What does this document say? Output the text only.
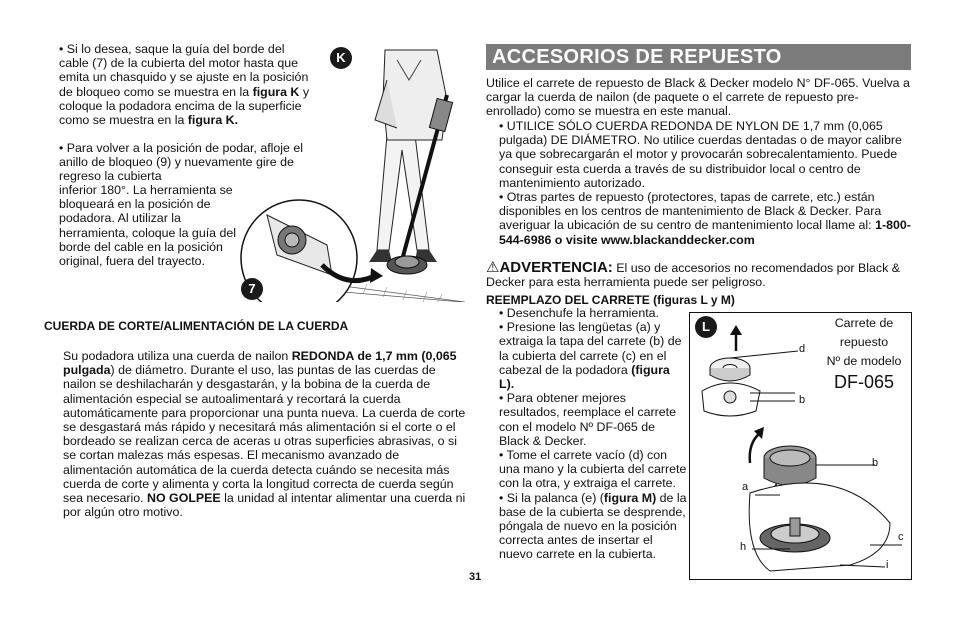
• Si lo desea, saque la guía del borde del cable (7) de la cubierta del motor hasta que emita un chasquido y se ajuste en la posición de bloqueo como se muestra en la figura K y coloque la podadora encima de la superficie como se muestra en la figura K.

• Para volver a la posición de podar, afloje el anillo de bloqueo (9) y nuevamente gire de regreso la cubierta

inferior 180°. La herramienta se bloqueará en la posición de podadora. Al utilizar la herramienta, coloque la guía del borde del cable en la posición original, fuera del trayecto.

K
7

CUERDA DE CORTE/ALIMENTACIÓN DE LA CUERDA

Su podadora utiliza una cuerda de nailon REDONDA de 1,7 mm (0,065 pulgada) de diámetro. Durante el uso, las puntas de las cuerdas de nailon se deshilacharán y desgastarán, y la bobina de la cuerda de alimentación especial se autoalimentará y recortará la cuerda automáticamente para proporcionar una punta nueva. La cuerda de corte se desgastará más rápido y necesitará más alimentación si el corte o el bordeado se realizan cerca de aceras u otras superficies abrasivas, o si se cortan malezas más espesas. El mecanismo avanzado de alimentación automática de la cuerda detecta cuándo se necesita más cuerda de corte y alimenta y corta la longitud correcta de cuerda según sea necesario. NO GOLPEE la unidad al intentar alimentar una cuerda ni por algún otro motivo.

ACCESORIOS DE REPUESTO

Utilice el carrete de repuesto de Black & Decker modelo N° DF-065. Vuelva a cargar la cuerda de nailon (de paquete o el carrete de repuesto pre-enrollado) como se muestra en este manual.

• UTILICE SÓLO CUERDA REDONDA DE NYLON DE 1,7 mm (0,065 pulgada) DE DIÁMETRO. No utilice cuerdas dentadas o de mayor calibre ya que sobrecargarán el motor y provocarán sobrecalentamiento. Puede conseguir esta cuerda a través de su distribuidor local o centro de mantenimiento autorizado.

• Otras partes de repuesto (protectores, tapas de carrete, etc.) están disponibles en los centros de mantenimiento de Black & Decker. Para averiguar la ubicación de su centro de mantenimiento local llame al: 1-800-544-6986 o visite www.blackanddecker.com

⚠ADVERTENCIA: El uso de accesorios no recomendados por Black & Decker para esta herramienta puede ser peligroso.

REEMPLAZO DEL CARRETE (figuras L y M)

• Desenchufe la herramienta.

• Presione las lengüetas (a) y extraiga la tapa del carrete (b) de la cubierta del carrete (c) en el cabezal de la podadora (figura L).

• Para obtener mejores resultados, reemplace el carrete con el modelo Nº DF-065 de Black & Decker.

• Tome el carrete vacío (d) con una mano y la cubierta del carrete con la otra, y extraiga el carrete.

• Si la palanca (e) (figura M) de la base de la cubierta se desprende, póngala de nuevo en la posición correcta antes de insertar el nuevo carrete en la cubierta.

Carrete de
repuesto
Nº de modelo
DF-065
d
b
b
a
c
h
i
L
31
